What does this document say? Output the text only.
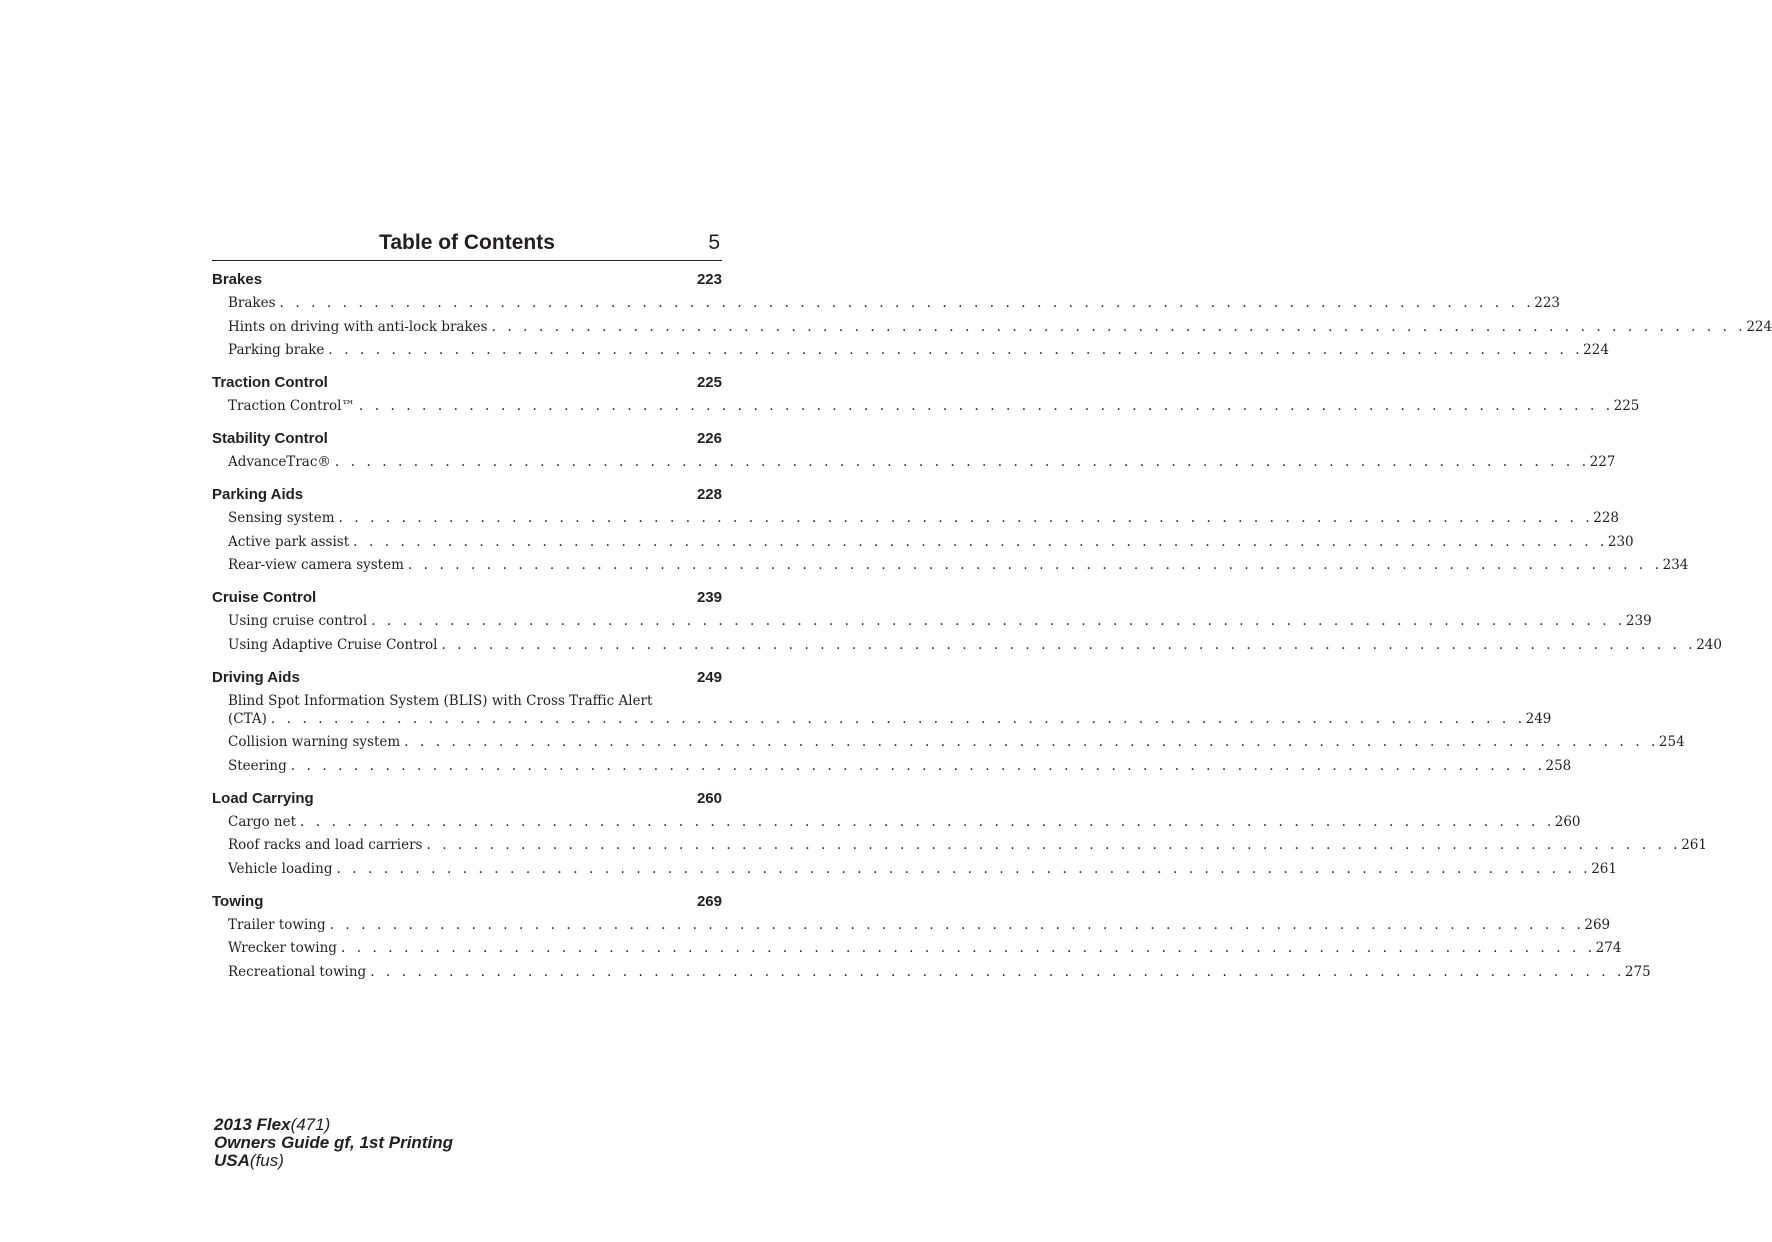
Table of Contents	5
Brakes	223
Brakes . . . . . . . . . . . . . . . . . . . . . . . . . . . . . . . . . . . . . . . . . . . . . . . . . . . . . . . . . . . . . . . . . . . . . . . . . . . . . . . . 223
Hints on driving with anti-lock brakes . . . . . . . . . . . . . . . . . . . . . . . . . . . . . . . . . . . . . . . . . . . . . . . . . . . . . . . . . . . . . . . . . . . . . . . . . . . . . . . . 224
Parking brake . . . . . . . . . . . . . . . . . . . . . . . . . . . . . . . . . . . . . . . . . . . . . . . . . . . . . . . . . . . . . . . . . . . . . . . . . . . . . . . . 224
Traction Control	225
Traction Control™ . . . . . . . . . . . . . . . . . . . . . . . . . . . . . . . . . . . . . . . . . . . . . . . . . . . . . . . . . . . . . . . . . . . . . . . . . . . . . . . . 225
Stability Control	226
AdvanceTrac® . . . . . . . . . . . . . . . . . . . . . . . . . . . . . . . . . . . . . . . . . . . . . . . . . . . . . . . . . . . . . . . . . . . . . . . . . . . . . . . . 227
Parking Aids	228
Sensing system . . . . . . . . . . . . . . . . . . . . . . . . . . . . . . . . . . . . . . . . . . . . . . . . . . . . . . . . . . . . . . . . . . . . . . . . . . . . . . . . 228
Active park assist . . . . . . . . . . . . . . . . . . . . . . . . . . . . . . . . . . . . . . . . . . . . . . . . . . . . . . . . . . . . . . . . . . . . . . . . . . . . . . . . 230
Rear-view camera system . . . . . . . . . . . . . . . . . . . . . . . . . . . . . . . . . . . . . . . . . . . . . . . . . . . . . . . . . . . . . . . . . . . . . . . . . . . . . . . . 234
Cruise Control	239
Using cruise control . . . . . . . . . . . . . . . . . . . . . . . . . . . . . . . . . . . . . . . . . . . . . . . . . . . . . . . . . . . . . . . . . . . . . . . . . . . . . . . . 239
Using Adaptive Cruise Control . . . . . . . . . . . . . . . . . . . . . . . . . . . . . . . . . . . . . . . . . . . . . . . . . . . . . . . . . . . . . . . . . . . . . . . . . . . . . . . . 240
Driving Aids	249
Blind Spot Information System (BLIS) with Cross Traffic Alert
(CTA) . . . . . . . . . . . . . . . . . . . . . . . . . . . . . . . . . . . . . . . . . . . . . . . . . . . . . . . . . . . . . . . . . . . . . . . . . . . . . . . . 249
Collision warning system . . . . . . . . . . . . . . . . . . . . . . . . . . . . . . . . . . . . . . . . . . . . . . . . . . . . . . . . . . . . . . . . . . . . . . . . . . . . . . . . 254
Steering . . . . . . . . . . . . . . . . . . . . . . . . . . . . . . . . . . . . . . . . . . . . . . . . . . . . . . . . . . . . . . . . . . . . . . . . . . . . . . . . 258
Load Carrying	260
Cargo net . . . . . . . . . . . . . . . . . . . . . . . . . . . . . . . . . . . . . . . . . . . . . . . . . . . . . . . . . . . . . . . . . . . . . . . . . . . . . . . . 260
Roof racks and load carriers . . . . . . . . . . . . . . . . . . . . . . . . . . . . . . . . . . . . . . . . . . . . . . . . . . . . . . . . . . . . . . . . . . . . . . . . . . . . . . . . 261
Vehicle loading . . . . . . . . . . . . . . . . . . . . . . . . . . . . . . . . . . . . . . . . . . . . . . . . . . . . . . . . . . . . . . . . . . . . . . . . . . . . . . . . 261
Towing	269
Trailer towing . . . . . . . . . . . . . . . . . . . . . . . . . . . . . . . . . . . . . . . . . . . . . . . . . . . . . . . . . . . . . . . . . . . . . . . . . . . . . . . . 269
Wrecker towing . . . . . . . . . . . . . . . . . . . . . . . . . . . . . . . . . . . . . . . . . . . . . . . . . . . . . . . . . . . . . . . . . . . . . . . . . . . . . . . . 274
Recreational towing . . . . . . . . . . . . . . . . . . . . . . . . . . . . . . . . . . . . . . . . . . . . . . . . . . . . . . . . . . . . . . . . . . . . . . . . . . . . . . . . 275
2013 Flex(471)
Owners Guide gf, 1st Printing
USA(fus)
carmanualsonline.info
